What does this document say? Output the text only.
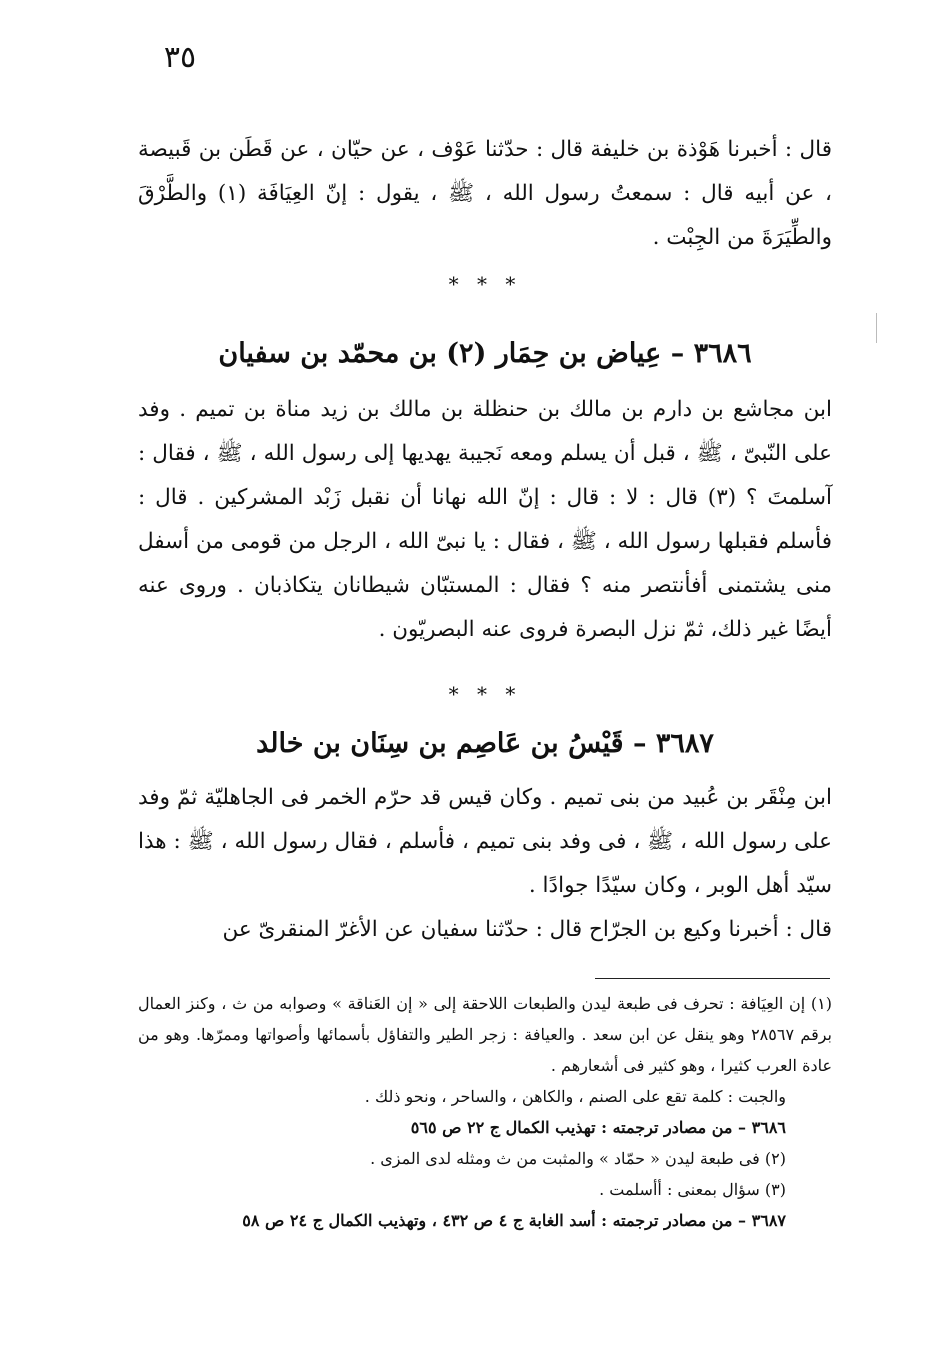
٣٥

قال : أخبرنا هَوْذة بن خليفة قال : حدّثنا عَوْف ، عن حيّان ، عن قَطَن بن قَبيصة ، عن أبيه قال : سمعتُ رسول الله ، ﷺ ، يقول : إنّ العِيَافَة (١) والطَّرْقَ والطِّيَرَةَ من الجِبْت .

* * *
٣٦٨٦ – عِياض بن حِمَار (٢) بن محمّد بن سفيان

ابن مجاشع بن دارم بن مالك بن حنظلة بن مالك بن زيد مناة بن تميم . وفد على النّبىّ ، ﷺ ، قبل أن يسلم ومعه نَجيبة يهديها إلى رسول الله ، ﷺ ، فقال : آسلمتَ ؟ (٣) قال : لا : قال : إنّ الله نهانا أن نقبل زَبْد المشركين . قال : فأسلم فقبلها رسول الله ، ﷺ ، فقال : يا نبىّ الله ، الرجل من قومى من أسفل منى يشتمنى أفأنتصر منه ؟ فقال : المستبّان شيطانان يتكاذبان . وروى عنه أيضًا غير ذلك، ثمّ نزل البصرة فروى عنه البصريّون .

* * *
٣٦٨٧ – قَيْسُ بن عَاصِم بن سِنَان بن خالد

ابن مِنْقَر بن عُبيد من بنى تميم . وكان قيس قد حرّم الخمر فى الجاهليّة ثمّ وفد على رسول الله ، ﷺ ، فى وفد بنى تميم ، فأسلم ، فقال رسول الله ، ﷺ : هذا سيّد أهل الوبر ، وكان سيّدًا جوادًا .

قال : أخبرنا وكيع بن الجرّاح قال : حدّثنا سفيان عن الأغرّ المنقرىّ عن

(١) إن العِيَافة : تحرف فى طبعة ليدن والطبعات اللاحقة إلى « إن العَناقة » وصوابه من ث ، وكنز العمال برقم ٢٨٥٦٧ وهو ينقل عن ابن سعد . والعيافة : زجر الطير والتفاؤل بأسمائها وأصواتها وممرّها. وهو من عادة العرب كثيرا ، وهو كثير فى أشعارهم .

والجبت : كلمة تقع على الصنم ، والكاهن ، والساحر ، ونحو ذلك .

٣٦٨٦ – من مصادر ترجمته : تهذيب الكمال ج ٢٢ ص ٥٦٥

(٢) فى طبعة ليدن « حمّاد » والمثبت من ث ومثله لدى المزى .

(٣) سؤال بمعنى : أأسلمت .

٣٦٨٧ – من مصادر ترجمته : أسد الغابة ج ٤ ص ٤٣٢ ، وتهذيب الكمال ج ٢٤ ص ٥٨
